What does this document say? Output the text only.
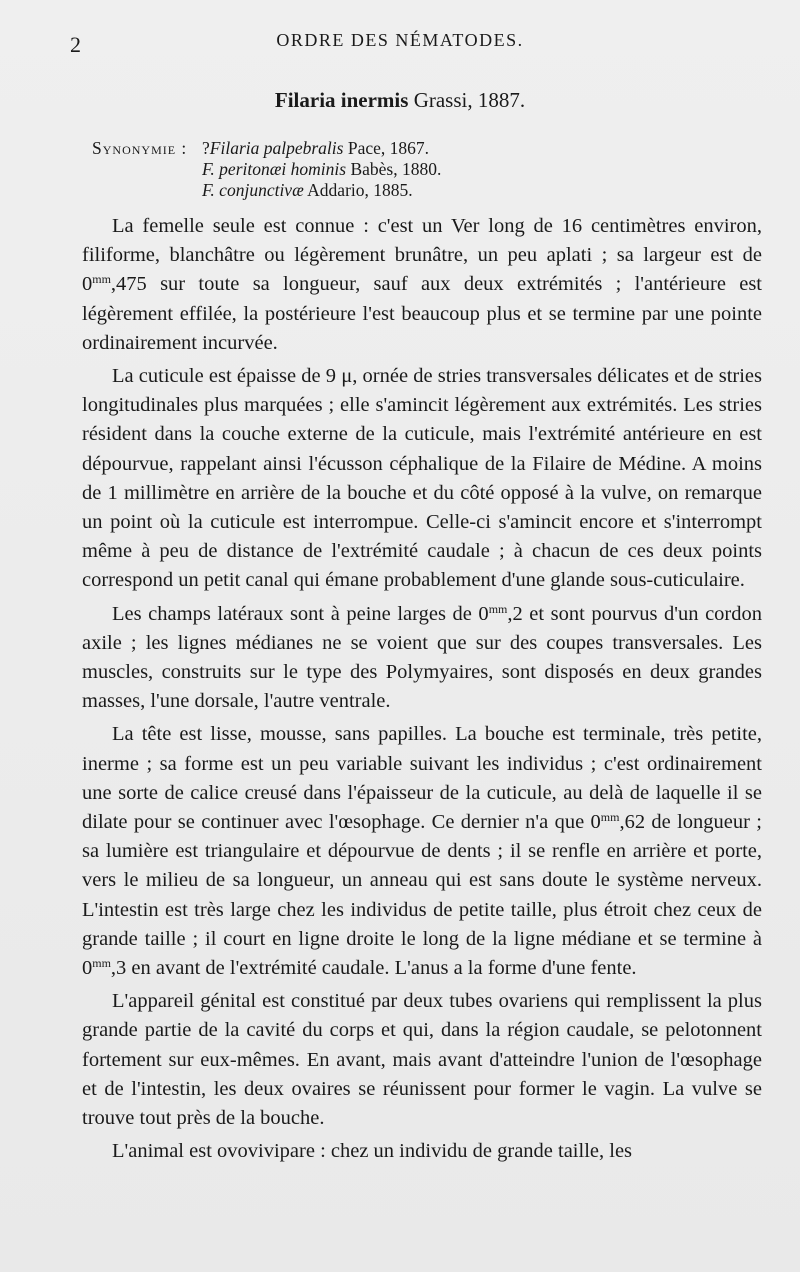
2	ORDRE DES NÉMATODES.
Filaria inermis Grassi, 1887.
Synonymie : ?Filaria palpebralis Pace, 1867.
F. peritonæi hominis Babès, 1880.
F. conjunctivæ Addario, 1885.

La femelle seule est connue : c'est un Ver long de 16 centimètres environ, filiforme, blanchâtre ou légèrement brunâtre, un peu aplati ; sa largeur est de $0^{mm},475$ sur toute sa longueur, sauf aux deux extrémités ; l'antérieure est légèrement effilée, la postérieure l'est beaucoup plus et se termine par une pointe ordinairement incurvée.

La cuticule est épaisse de 9 μ, ornée de stries transversales délicates et de stries longitudinales plus marquées ; elle s'amincit légèrement aux extrémités. Les stries résident dans la couche externe de la cuticule, mais l'extrémité antérieure en est dépourvue, rappelant ainsi l'écusson céphalique de la Filaire de Médine. A moins de 1 millimètre en arrière de la bouche et du côté opposé à la vulve, on remarque un point où la cuticule est interrompue. Celle-ci s'amincit encore et s'interrompt même à peu de distance de l'extrémité caudale ; à chacun de ces deux points correspond un petit canal qui émane probablement d'une glande sous-cuticulaire.

Les champs latéraux sont à peine larges de $0^{mm},2$ et sont pourvus d'un cordon axile ; les lignes médianes ne se voient que sur des coupes transversales. Les muscles, construits sur le type des Polymyaires, sont disposés en deux grandes masses, l'une dorsale, l'autre ventrale.

La tête est lisse, mousse, sans papilles. La bouche est terminale, très petite, inerme ; sa forme est un peu variable suivant les individus ; c'est ordinairement une sorte de calice creusé dans l'épaisseur de la cuticule, au delà de laquelle il se dilate pour se continuer avec l'œsophage. Ce dernier n'a que $0^{mm},62$ de longueur ; sa lumière est triangulaire et dépourvue de dents ; il se renfle en arrière et porte, vers le milieu de sa longueur, un anneau qui est sans doute le système nerveux. L'intestin est très large chez les individus de petite taille, plus étroit chez ceux de grande taille ; il court en ligne droite le long de la ligne médiane et se termine à $0^{mm},3$ en avant de l'extrémité caudale. L'anus a la forme d'une fente.

L'appareil génital est constitué par deux tubes ovariens qui remplissent la plus grande partie de la cavité du corps et qui, dans la région caudale, se pelotonnent fortement sur eux-mêmes. En avant, mais avant d'atteindre l'union de l'œsophage et de l'intestin, les deux ovaires se réunissent pour former le vagin. La vulve se trouve tout près de la bouche.

L'animal est ovovivipare : chez un individu de grande taille, les
